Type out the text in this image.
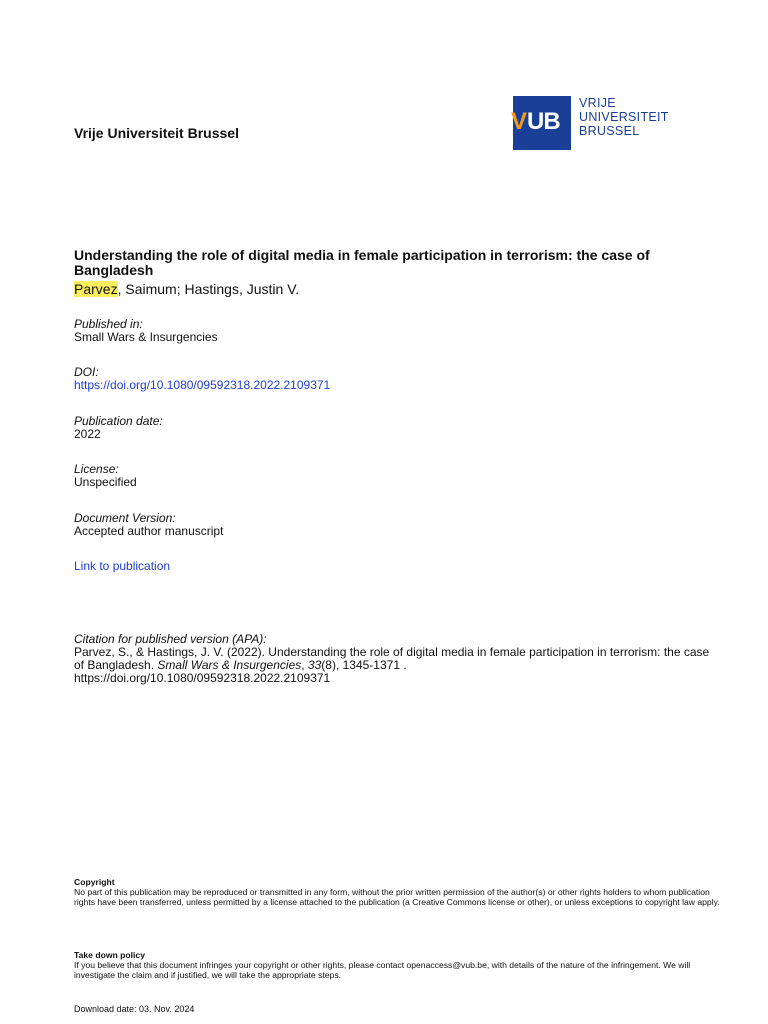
Vrije Universiteit Brussel	V UB
VRIJE
UNIVERSITEIT
BRUSSEL
Understanding the role of digital media in female participation in terrorism: the case of Bangladesh
Parvez, Saimum; Hastings, Justin V.
Published in:
Small Wars & Insurgencies
DOI:
https://doi.org/10.1080/09592318.2022.2109371
Publication date:
2022
License:
Unspecified
Document Version:
Accepted author manuscript
Link to publication
Citation for published version (APA):
Parvez, S., & Hastings, J. V. (2022). Understanding the role of digital media in female participation in terrorism: the case of Bangladesh. Small Wars & Insurgencies, 33(8), 1345-1371 .
https://doi.org/10.1080/09592318.2022.2109371
Copyright
No part of this publication may be reproduced or transmitted in any form, without the prior written permission of the author(s) or other rights holders to whom publication rights have been transferred, unless permitted by a license attached to the publication (a Creative Commons license or other), or unless exceptions to copyright law apply.
Take down policy
If you believe that this document infringes your copyright or other rights, please contact openaccess@vub.be, with details of the nature of the infringement. We will investigate the claim and if justified, we will take the appropriate steps.
Download date: 03. Nov. 2024
